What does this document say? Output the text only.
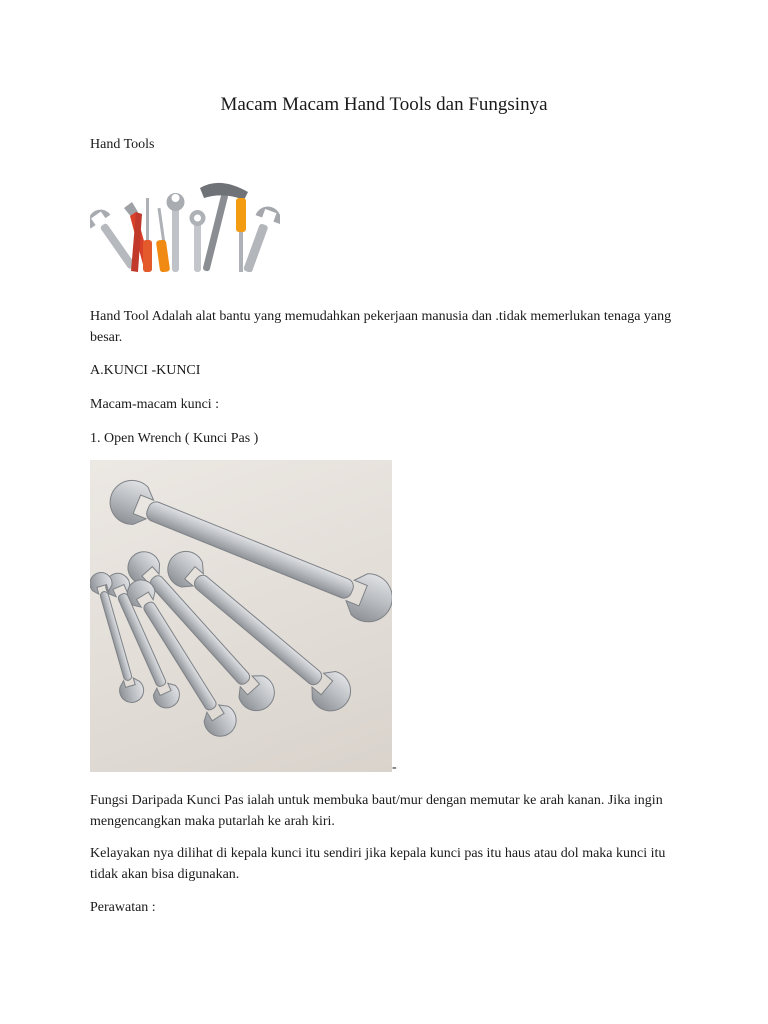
Macam Macam Hand Tools dan Fungsinya

Hand Tools

Hand Tool Adalah alat bantu yang memudahkan pekerjaan manusia dan .tidak memerlukan tenaga yang besar.

A.KUNCI -KUNCI

Macam-macam kunci :

1. Open Wrench ( Kunci Pas )

-

Fungsi Daripada Kunci Pas ialah untuk membuka baut/mur dengan memutar ke arah kanan. Jika ingin mengencangkan maka putarlah ke arah kiri.

Kelayakan nya dilihat di kepala kunci itu sendiri jika kepala kunci pas itu haus atau dol maka kunci itu tidak akan bisa digunakan.

Perawatan :
